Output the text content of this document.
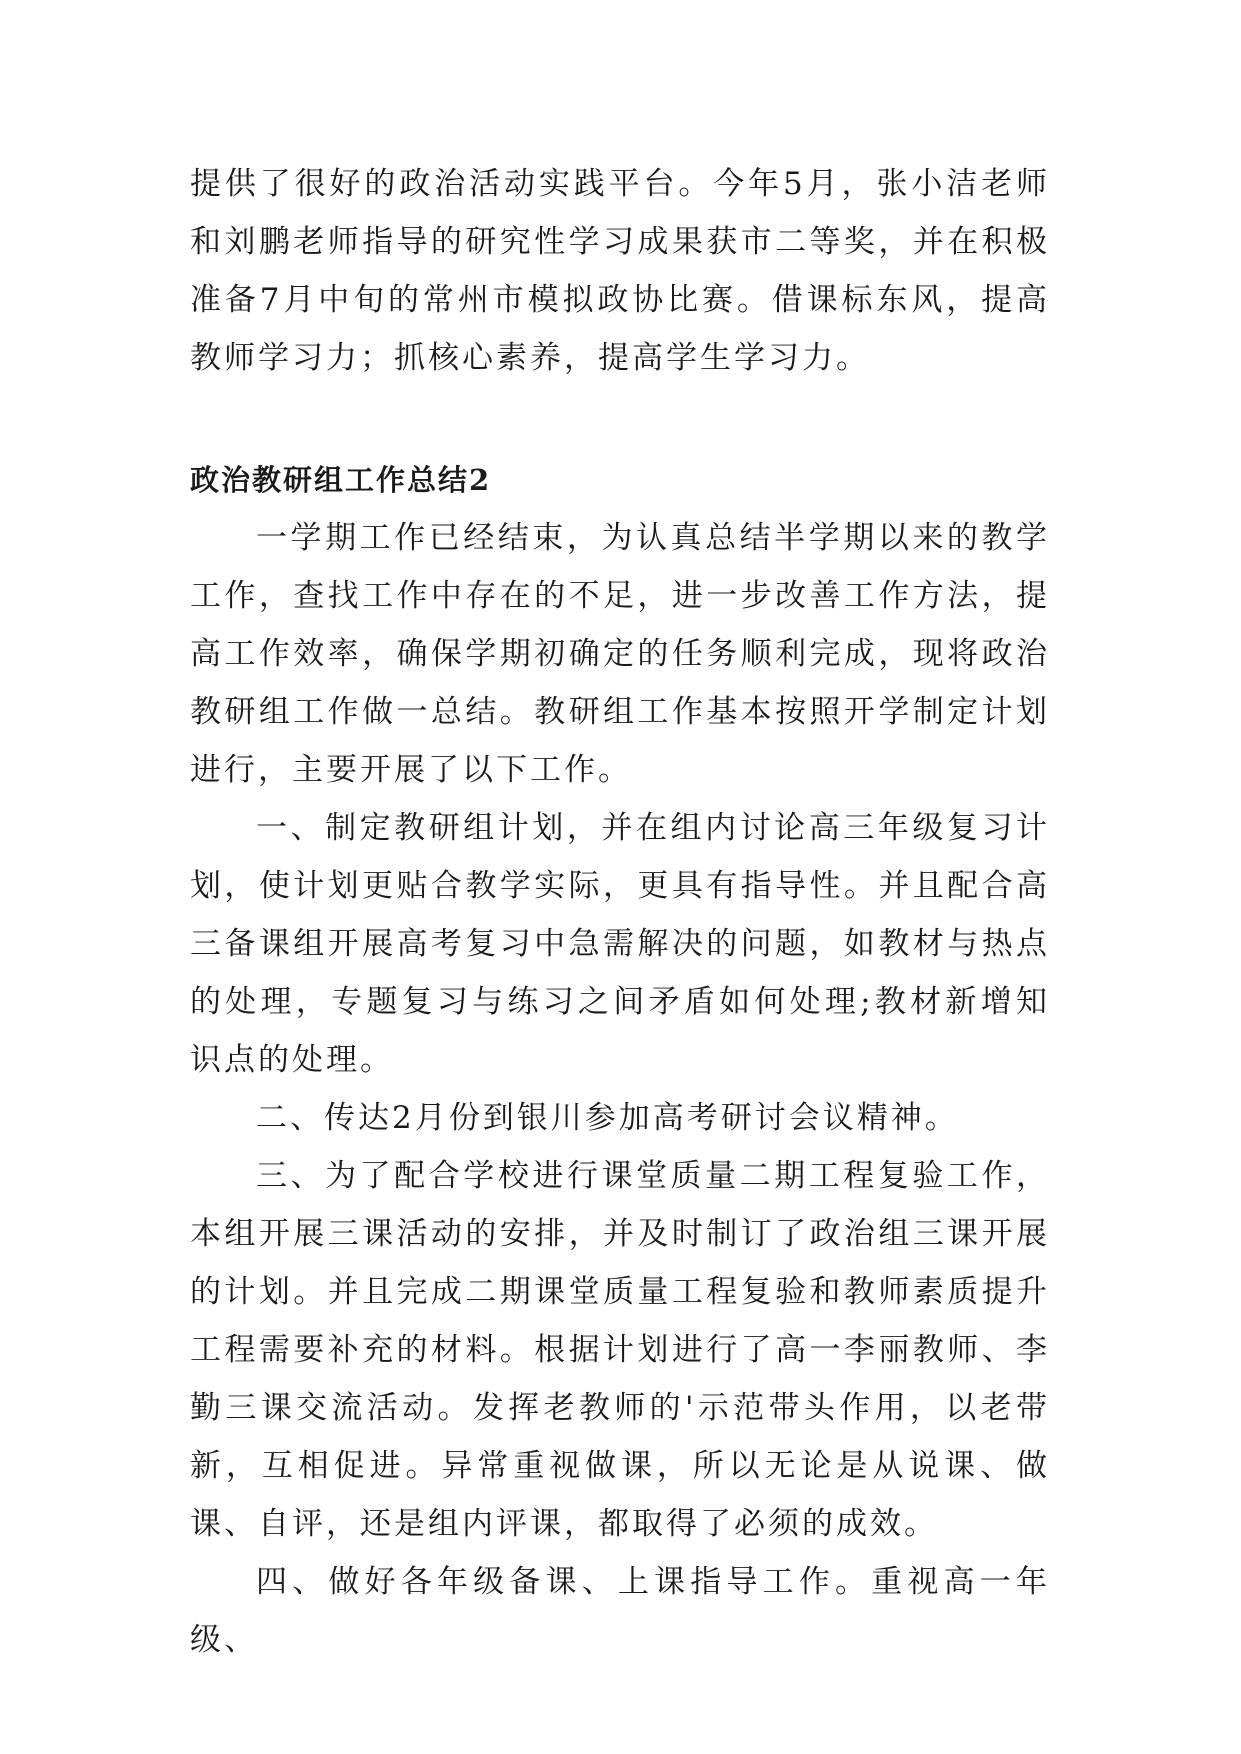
提供了很好的政治活动实践平台。今年5月，张小洁老师和刘鹏老师指导的研究性学习成果获市二等奖，并在积极准备7月中旬的常州市模拟政协比赛。借课标东风，提高教师学习力；抓核心素养，提高学生学习力。

政治教研组工作总结2

一学期工作已经结束，为认真总结半学期以来的教学工作，查找工作中存在的不足，进一步改善工作方法，提高工作效率，确保学期初确定的任务顺利完成，现将政治教研组工作做一总结。教研组工作基本按照开学制定计划进行，主要开展了以下工作。

一、制定教研组计划，并在组内讨论高三年级复习计划，使计划更贴合教学实际，更具有指导性。并且配合高三备课组开展高考复习中急需解决的问题，如教材与热点的处理，专题复习与练习之间矛盾如何处理;教材新增知识点的处理。

二、传达2月份到银川参加高考研讨会议精神。

三、为了配合学校进行课堂质量二期工程复验工作，本组开展三课活动的安排，并及时制订了政治组三课开展的计划。并且完成二期课堂质量工程复验和教师素质提升工程需要补充的材料。根据计划进行了高一李丽教师、李勤三课交流活动。发挥老教师的'示范带头作用，以老带新，互相促进。异常重视做课，所以无论是从说课、做课、自评，还是组内评课，都取得了必须的成效。

四、做好各年级备课、上课指导工作。重视高一年级、
